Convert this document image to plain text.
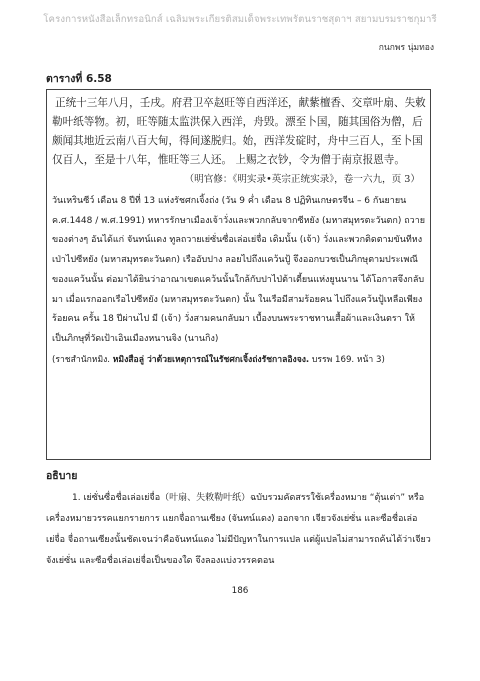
โครงการหนังสือเล็กทรอนิกส์ เฉลิมพระเกียรติสมเด็จพระเทพรัตนราชสุดาฯ สยามบรมราชกุมารี
กนกพร นุ่มทอง
ตารางที่ 6.58

正统十三年八月，壬戌。府君卫卒赵旺等自西洋还，献紫檀香、交章叶扇、失敕勒叶纸等物。初，旺等随太监洪保入西洋，舟毁。漂至卜国，随其国俗为僧，后颇闻其地近云南八百大甸，得间遂脱归。始，西洋发碇时，舟中三百人，至卜国仅百人，至是十八年，惟旺等三人还。 上赐之衣钞，令为僧于南京报恩寺。

（明官修：《明实录•英宗正统实录》，卷一六九，页 3）

วันเหรินซีว์ เดือน 8 ปีที่ 13 แห่งรัชศกเจิ้งถ่ง (วัน 9 ค่ำ เดือน 8 ปฏิทินเกษตรจีน – 6 กันยายน ค.ศ.1448 / พ.ศ.1991) ทหารรักษาเมืองเจ้าวั่งและพวกกลับจากซีหยัง (มหาสมุทรตะวันตก) ถวายของต่างๆ อันได้แก่ จันทน์แดง ทูลถวายเย่ซั่นซื่อเล่อเย่จื่อ เดิมนั้น (เจ้า) วั่งและพวกติดตามขันทีหงเป่าไปซีหยัง (มหาสมุทรตะวันตก) เรืออับปาง ลอยไปถึงแคว้นปู้ จึงออกบวชเป็นภิกษุตามประเพณีของแคว้นนั้น ต่อมาได้ยินว่าอาณาเขตแคว้นนั้นใกล้กับปาไป่ต้าเตี้ยนแห่งยูนนาน ได้โอกาสจึงกลับมา เมื่อแรกออกเรือไปซีหยัง (มหาสมุทรตะวันตก) นั้น ในเรือมีสามร้อยคน ไปถึงแคว้นปู้เหลือเพียงร้อยคน ครั้น 18 ปีผ่านไป มี (เจ้า) วั่งสามคนกลับมา เบื้องบนพระราชทานเสื้อผ้าและเงินตรา ให้เป็นภิกษุที่วัดเป้าเอินเมืองหนานจิง (นานกิง)

(ราชสำนักหมิง. หมิงสือลู่ ว่าด้วยเหตุการณ์ในรัชศกเจิ้งถ่งรัชกาลอิงจง. บรรพ 169. หน้า 3)

อธิบาย

1. เย่ซั่นซื่อชื่อเล่อเย่จื่อ（叶扇、失敕勒叶纸）ฉบับรวมคัดสรรใช้เครื่องหมาย “ตุ้นเต่า” หรือเครื่องหมายวรรคแยกรายการ แยกจื่อถานเซียง (จันทน์แดง) ออกจาก เจียวจังเย่ซั่น และซือชื่อเล่อเย่จื่อ จื่อถานเซียงนั้นชัดเจนว่าคือจันทน์แดง ไม่มีปัญหาในการแปล แต่ผู้แปลไม่สามารถค้นได้ว่าเจียวจังเย่ซั่น และซือชื่อเล่อเย่จื่อเป็นของใด จึงลองแบ่งวรรคตอน

186
